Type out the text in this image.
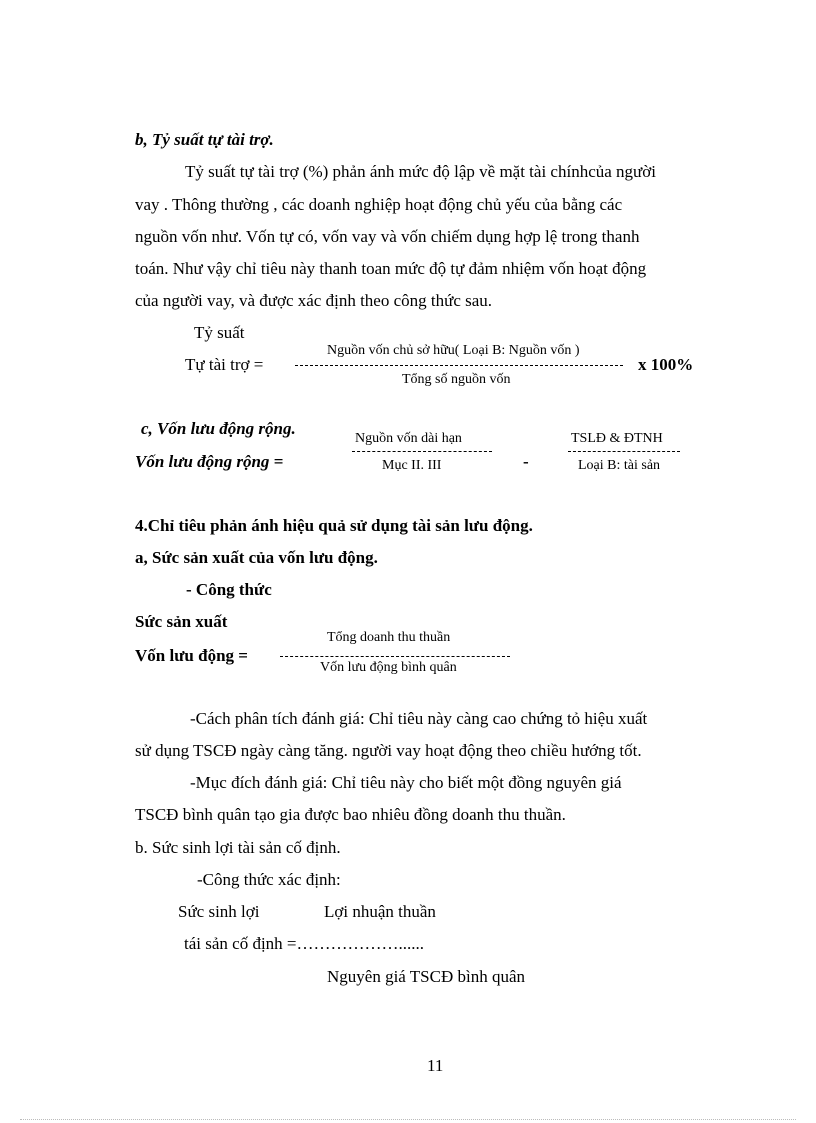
b, Tỷ suất tự tài trợ.
Tỷ suất tự tài trợ (%) phản ánh mức độ lập về mặt tài chínhcủa người
vay . Thông thường , các doanh nghiệp hoạt động chủ yếu của bằng các
nguồn vốn như. Vốn tự có, vốn vay và vốn chiếm dụng hợp lệ trong thanh
toán. Như vậy chỉ tiêu này thanh toan mức độ tự đảm nhiệm vốn hoạt động
của người vay, và được xác định theo công thức sau.
Tỷ suất
Tự tài trợ =
Nguồn vốn chủ sở hữu( Loại B: Nguồn vốn )
Tổng số nguồn vốn
x 100%
c, Vốn lưu động rộng.
Vốn lưu động rộng =
Nguồn vốn dài hạn
Mục II. III	-
TSLĐ & ĐTNH
Loại B: tài sản
4.Chỉ tiêu phản ánh hiệu quả sử dụng tài sản lưu động.
a, Sức sản xuất của vốn lưu động.
- Công thức
Sức sản xuất
Vốn lưu động =
Tổng doanh thu thuần
Vốn lưu động bình quân
-Cách phân tích đánh giá: Chỉ tiêu này càng cao chứng tỏ hiệu xuất
sử dụng TSCĐ ngày càng tăng. người vay hoạt động theo chiều hướng tốt.
-Mục đích đánh giá: Chỉ tiêu này cho biết một đồng nguyên giá
TSCĐ bình quân tạo gia được bao nhiêu đồng doanh thu thuần.
b. Sức sinh lợi tài sản cố định.
-Công thức xác định:
Sức sinh lợi	Lợi nhuận thuần
tái sản cố định =………………......
Nguyên giá TSCĐ bình quân
11
